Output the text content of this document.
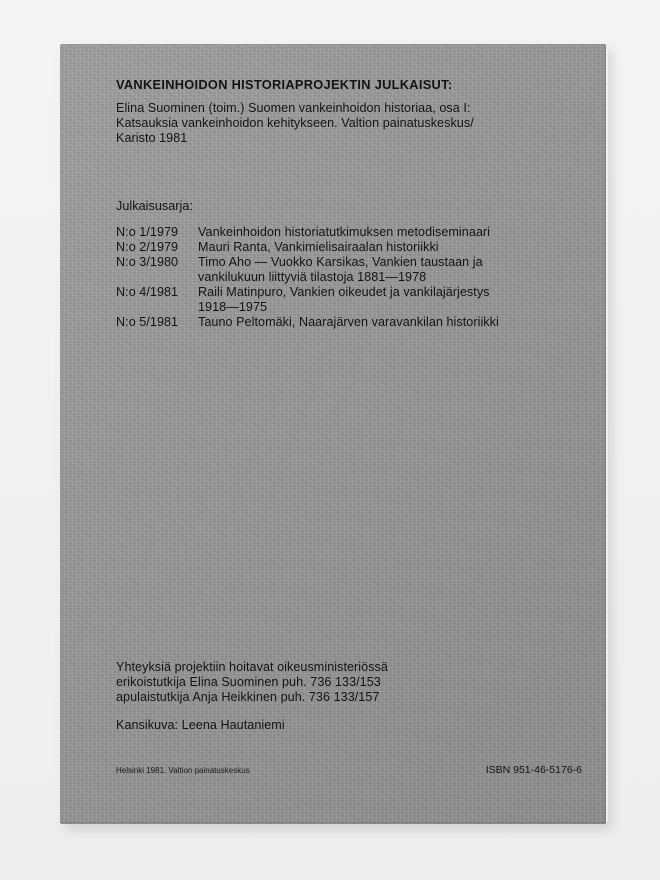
VANKEINHOIDON HISTORIAPROJEKTIN JULKAISUT:
Elina Suominen (toim.) Suomen vankeinhoidon historiaa, osa I:
Katsauksia vankeinhoidon kehitykseen. Valtion painatuskeskus/
Karisto 1981
Julkaisusarja:
N:o 1/1979	Vankeinhoidon historiatutkimuksen metodiseminaari
N:o 2/1979	Mauri Ranta, Vankimielisairaalan historiikki
N:o 3/1980	Timo Aho — Vuokko Karsikas, Vankien taustaan ja
vankilukuun liittyviä tilastoja 1881—1978
N:o 4/1981	Raili Matinpuro, Vankien oikeudet ja vankilajärjestys
1918—1975
N:o 5/1981	Tauno Peltomäki, Naarajärven varavankilan historiikki
Yhteyksiä projektiin hoitavat oikeusministeriössä
erikoistutkija Elina Suominen puh. 736 133/153
apulaistutkija Anja Heikkinen puh. 736 133/157
Kansikuva: Leena Hautaniemi
Helsinki 1981. Valtion painatuskeskus	ISBN 951-46-5176-6
